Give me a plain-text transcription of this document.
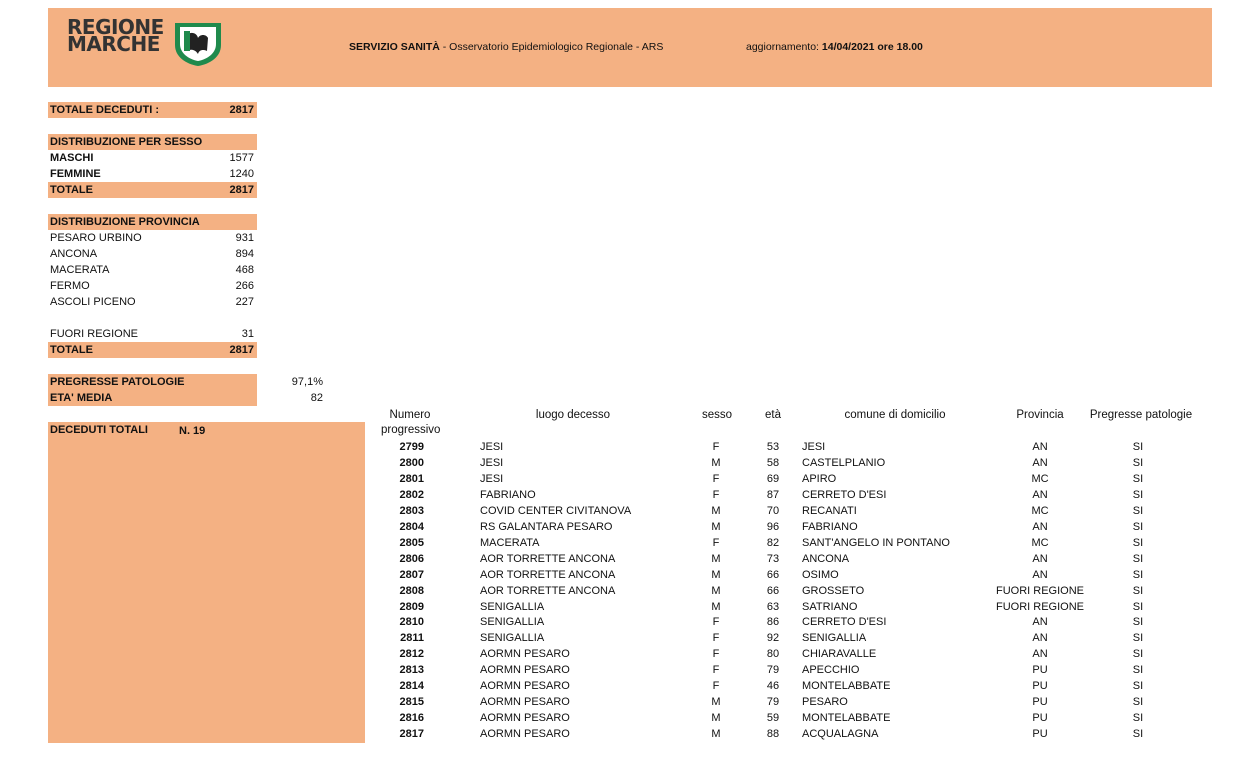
REGIONE
MARCHE	SERVIZIO SANITÀ - Osservatorio Epidemiologico Regionale - ARS	aggiornamento: 14/04/2021 ore 18.00
TOTALE DECEDUTI :	2817
DISTRIBUZIONE PER SESSO
MASCHI	1577
FEMMINE	1240
TOTALE	2817
DISTRIBUZIONE PROVINCIA
PESARO URBINO	931
ANCONA	894
MACERATA	468
FERMO	266
ASCOLI PICENO	227
FUORI REGIONE	31
TOTALE	2817
PREGRESSE PATOLOGIE	97,1%
ETA' MEDIA	82
DECEDUTI TOTALI	N. 19
Numero
progressivo
luogo decesso	sesso	età	comune di domicilio	Provincia	Pregresse patologie
2799	JESI	F	53	JESI	AN	SI
2800	JESI	M	58	CASTELPLANIO	AN	SI
2801	JESI	F	69	APIRO	MC	SI
2802	FABRIANO	F	87	CERRETO D'ESI	AN	SI
2803	COVID CENTER CIVITANOVA	M	70	RECANATI	MC	SI
2804	RS GALANTARA PESARO	M	96	FABRIANO	AN	SI
2805	MACERATA	F	82	SANT'ANGELO IN PONTANO	MC	SI
2806	AOR TORRETTE ANCONA	M	73	ANCONA	AN	SI
2807	AOR TORRETTE ANCONA	M	66	OSIMO	AN	SI
2808	AOR TORRETTE ANCONA	M	66	GROSSETO	FUORI REGIONE	SI
2809	SENIGALLIA	M	63	SATRIANO	FUORI REGIONE	SI
2810	SENIGALLIA	F	86	CERRETO D'ESI	AN	SI
2811	SENIGALLIA	F	92	SENIGALLIA	AN	SI
2812	AORMN PESARO	F	80	CHIARAVALLE	AN	SI
2813	AORMN PESARO	F	79	APECCHIO	PU	SI
2814	AORMN PESARO	F	46	MONTELABBATE	PU	SI
2815	AORMN PESARO	M	79	PESARO	PU	SI
2816	AORMN PESARO	M	59	MONTELABBATE	PU	SI
2817	AORMN PESARO	M	88	ACQUALAGNA	PU	SI
